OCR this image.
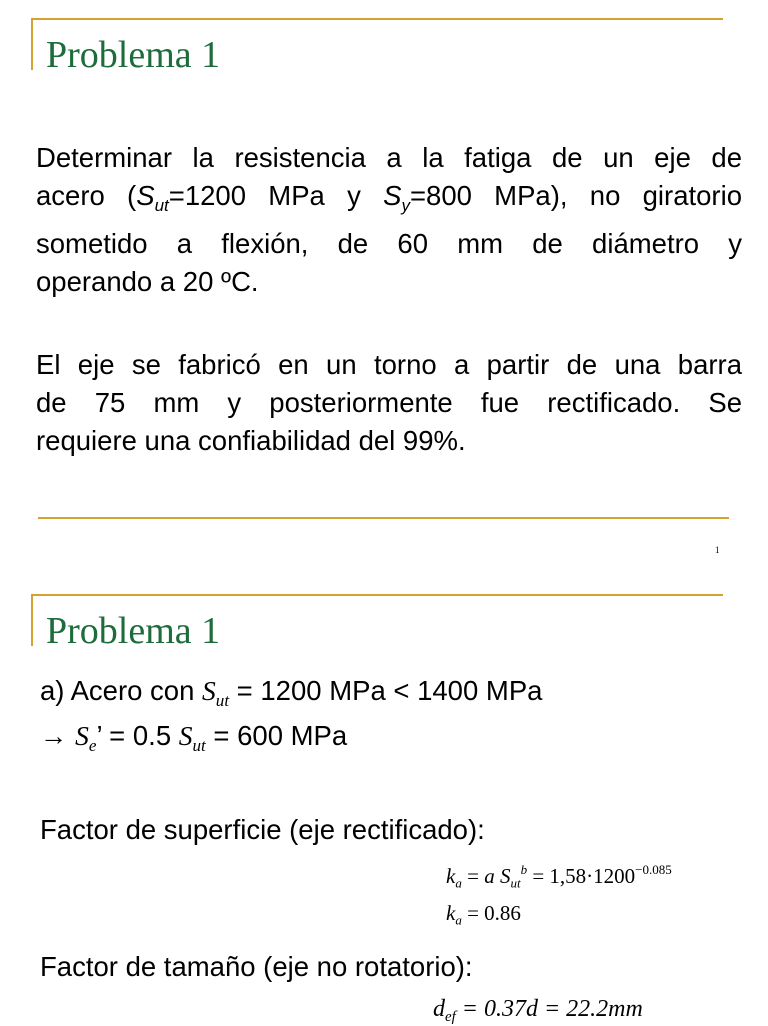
Problema 1
Determinar la resistencia a la fatiga de un eje de
acero ($S_{ut}=1200$ MPa y $S_y=800$ MPa), no giratorio
sometido a flexión, de 60 mm de diámetro y
operando a 20 ºC.
El eje se fabricó en un torno a partir de una barra
de 75 mm y posteriormente fue rectificado. Se
requiere una confiabilidad del 99%.
1
Problema 1
a) Acero con $S_{ut} = 1200$ MPa < 1400 MPa
→ $S_e$’ = 0.5 $S_{ut} = 600$ MPa
Factor de superficie (eje rectificado):
$k_a = a$ $S_{ut}^b = 1,58\cdot 1200^{-0.085}$
$k_a = 0.86$
Factor de tamaño (eje no rotatorio):
$d_{ef} = 0.37d = 22.2mm$
